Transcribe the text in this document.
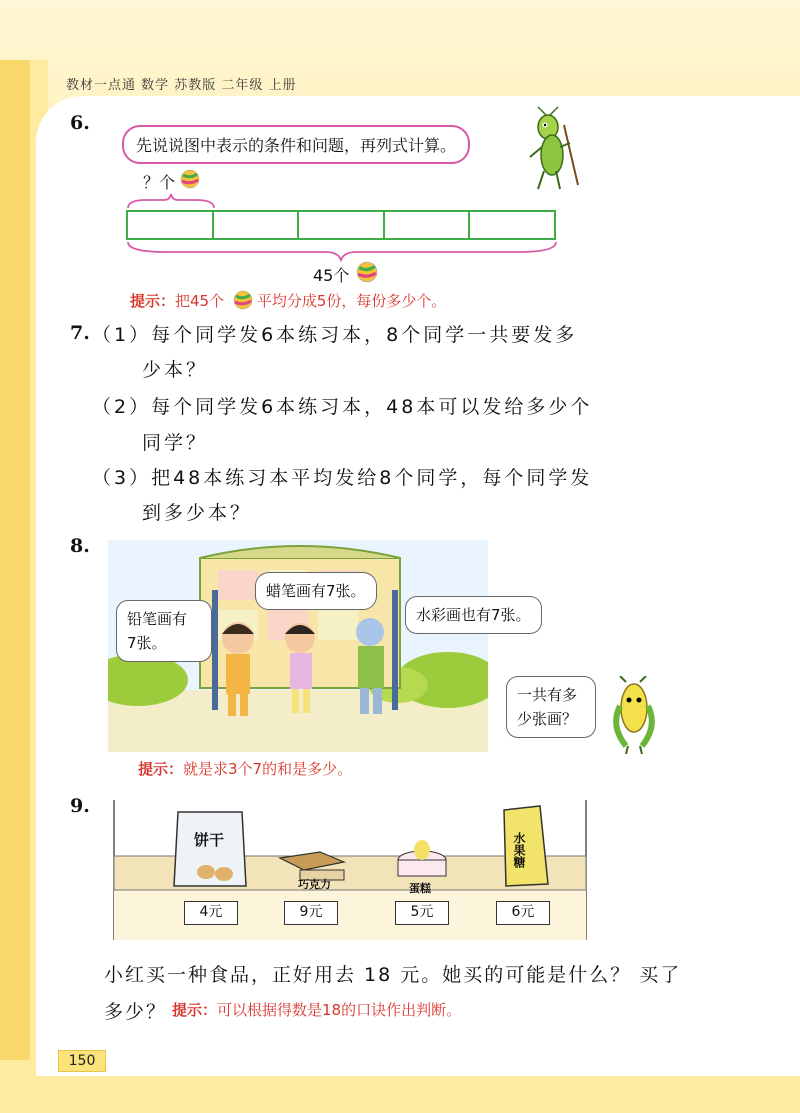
教材一点通 数学 苏教版 二年级 上册
6.
先说说图中表示的条件和问题，再列式计算。
？个
45个
提示：把45个 平均分成5份，每份多少个。
7. （1）每个同学发6本练习本，8个同学一共要发多
少本？
（2）每个同学发6本练习本，48本可以发给多少个
同学？
（3）把48本练习本平均发给8个同学，每个同学发
到多少本？
8.
蜡笔画有7张。
铅笔画有
7张。
水彩画也有7张。
一共有多
少张画？
提示：就是求3个7的和是多少。
9.
饼干
巧克力	蛋糕
水果糖
4元	9元	5元	6元
小红买一种食品，正好用去 18 元。她买的可能是什么？ 买了
多少？ 提示：可以根据得数是18的口诀作出判断。
150
